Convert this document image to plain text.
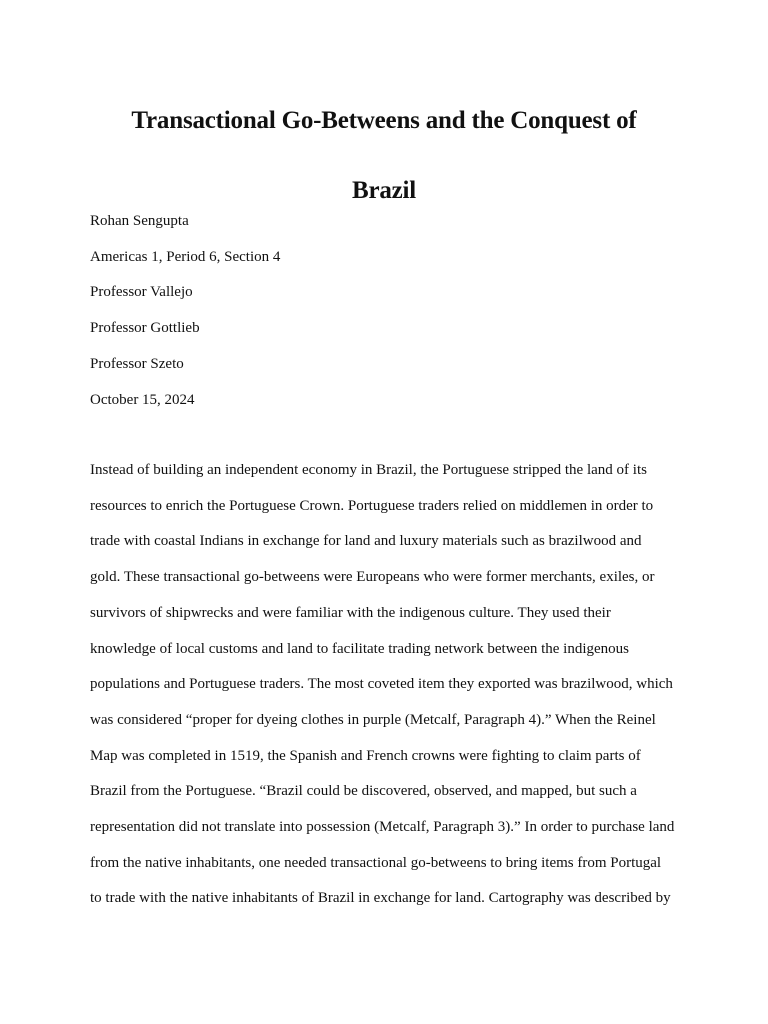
Transactional Go-Betweens and the Conquest of
Brazil
Rohan Sengupta
Americas 1, Period 6, Section 4
Professor Vallejo
Professor Gottlieb
Professor Szeto
October 15, 2024
Instead of building an independent economy in Brazil, the Portuguese stripped the land of its
resources to enrich the Portuguese Crown. Portuguese traders relied on middlemen in order to
trade with coastal Indians in exchange for land and luxury materials such as brazilwood and
gold. These transactional go-betweens were Europeans who were former merchants, exiles, or
survivors of shipwrecks and were familiar with the indigenous culture. They used their
knowledge of local customs and land to facilitate trading network between the indigenous
populations and Portuguese traders. The most coveted item they exported was brazilwood, which
was considered “proper for dyeing clothes in purple (Metcalf, Paragraph 4).” When the Reinel
Map was completed in 1519, the Spanish and French crowns were fighting to claim parts of
Brazil from the Portuguese. “Brazil could be discovered, observed, and mapped, but such a
representation did not translate into possession (Metcalf, Paragraph 3).” In order to purchase land
from the native inhabitants, one needed transactional go-betweens to bring items from Portugal
to trade with the native inhabitants of Brazil in exchange for land. Cartography was described by
